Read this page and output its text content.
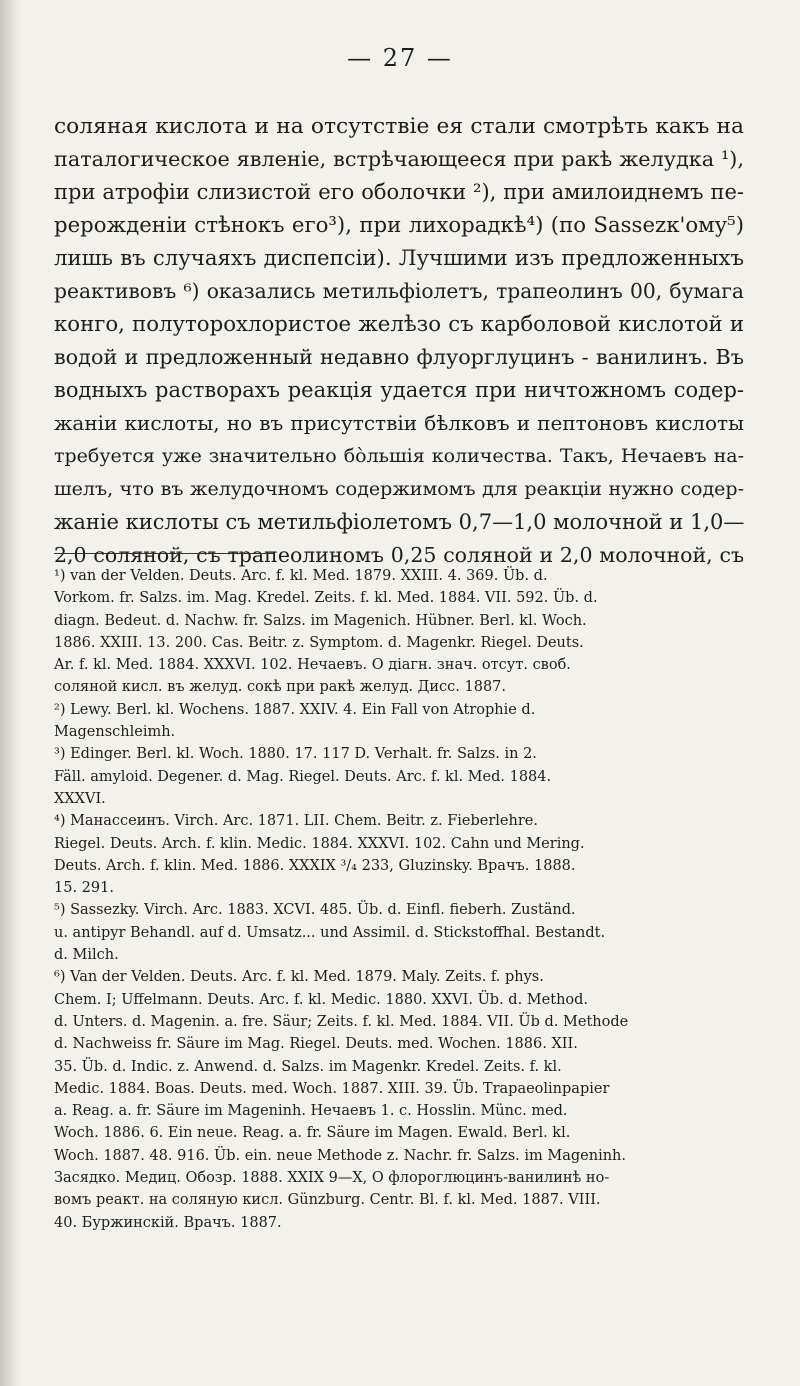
— 27 —
соляная кислота и на отсутствіе ея стали смотрѣть какъ на
паталогическое явленіе, встрѣчающееся при ракѣ желудка ¹),
при атрофіи слизистой его оболочки ²), при амилоиднемъ пе-
рерожденіи стѣнокъ его³), при лихорадкѣ⁴) (по Sassezк'ому⁵)
лишь въ случаяхъ диспепсіи). Лучшими изъ предложенныхъ
реактивовъ ⁶) оказались метильфіолетъ, трапеолинъ 00, бумага
конго, полуторохлористое желѣзо съ карболовой кислотой и
водой и предложенный недавно флуорглуцинъ - ванилинъ. Въ
водныхъ растворахъ реакція удается при ничтожномъ содер-
жаніи кислоты, но въ присутствіи бѣлковъ и пептоновъ кислоты
требуется уже значительно бо̀льшія количества. Такъ, Нечаевъ на-
шелъ, что въ желудочномъ содержимомъ для реакціи нужно содер-
жаніе кислоты съ метильфіолетомъ 0,7—1,0 молочной и 1,0—
2,0 соляной, съ трапеолиномъ 0,25 соляной и 2,0 молочной, съ
¹) van der Velden. Deuts. Arc. f. kl. Med. 1879. XXIII. 4. 369. Üb. d.
Vorkom. fr. Salzs. im. Mag. Kredel. Zeits. f. kl. Med. 1884. VII. 592. Üb. d.
diagn. Bedeut. d. Nachw. fr. Salzs. im Magenich. Hübner. Berl. kl. Woch.
1886. XXIII. 13. 200. Cas. Beitr. z. Symptom. d. Magenkr. Riegel. Deuts.
Ar. f. kl. Med. 1884. XXXVI. 102. Нечаевъ. О діагн. знач. отсут. своб.
соляной кисл. въ желуд. сокѣ при ракѣ желуд. Дисс. 1887.
²) Lewy. Berl. kl. Wochens. 1887. XXIV. 4. Ein Fall von Atrophie d.
Magenschleimh.
³) Edinger. Berl. kl. Woch. 1880. 17. 117 D. Verhalt. fr. Salzs. in 2.
Fäll. amyloid. Degener. d. Mag. Riegel. Deuts. Arc. f. kl. Med. 1884.
XXXVI.
⁴) Манассеинъ. Virch. Arc. 1871. LII. Chem. Beitr. z. Fieberlehre.
Riegel. Deuts. Arch. f. klin. Medic. 1884. XXXVI. 102. Cahn und Mering.
Deuts. Arch. f. klin. Med. 1886. XXXIX ³/₄ 233, Gluzinsky. Врачъ. 1888.
15. 291.
⁵) Sassezky. Virch. Arc. 1883. XCVI. 485. Üb. d. Einfl. fieberh. Zuständ.
u. antipyr Behandl. auf d. Umsatz... und Assimil. d. Stickstoffhal. Bestandt.
d. Milch.
⁶) Van der Velden. Deuts. Arc. f. kl. Med. 1879. Maly. Zeits. f. phys.
Chem. I; Uffelmann. Deuts. Arc. f. kl. Medic. 1880. XXVI. Üb. d. Method.
d. Unters. d. Magenin. a. fre. Säur; Zeits. f. kl. Med. 1884. VII. Üb d. Methode
d. Nachweiss fr. Säure im Mag. Riegel. Deuts. med. Wochen. 1886. XII.
35. Üb. d. Indic. z. Anwend. d. Salzs. im Magenkr. Kredel. Zeits. f. kl.
Medic. 1884. Boas. Deuts. med. Woch. 1887. XIII. 39. Üb. Trapaeolinpapier
a. Reag. a. fr. Säure im Mageninh. Нечаевъ 1. с. Hosslin. Münc. med.
Woch. 1886. 6. Ein neue. Reag. a. fr. Säure im Magen. Ewald. Berl. kl.
Woch. 1887. 48. 916. Üb. ein. neue Methode z. Nachr. fr. Salzs. im Mageninh.
Засядко. Медиц. Обозр. 1888. XXIX 9—X, О флороглюцинъ-ванилинѣ но-
вомъ реакт. на соляную кисл. Günzburg. Centr. Bl. f. kl. Med. 1887. VIII.
40. Буржинскій. Врачъ. 1887.
